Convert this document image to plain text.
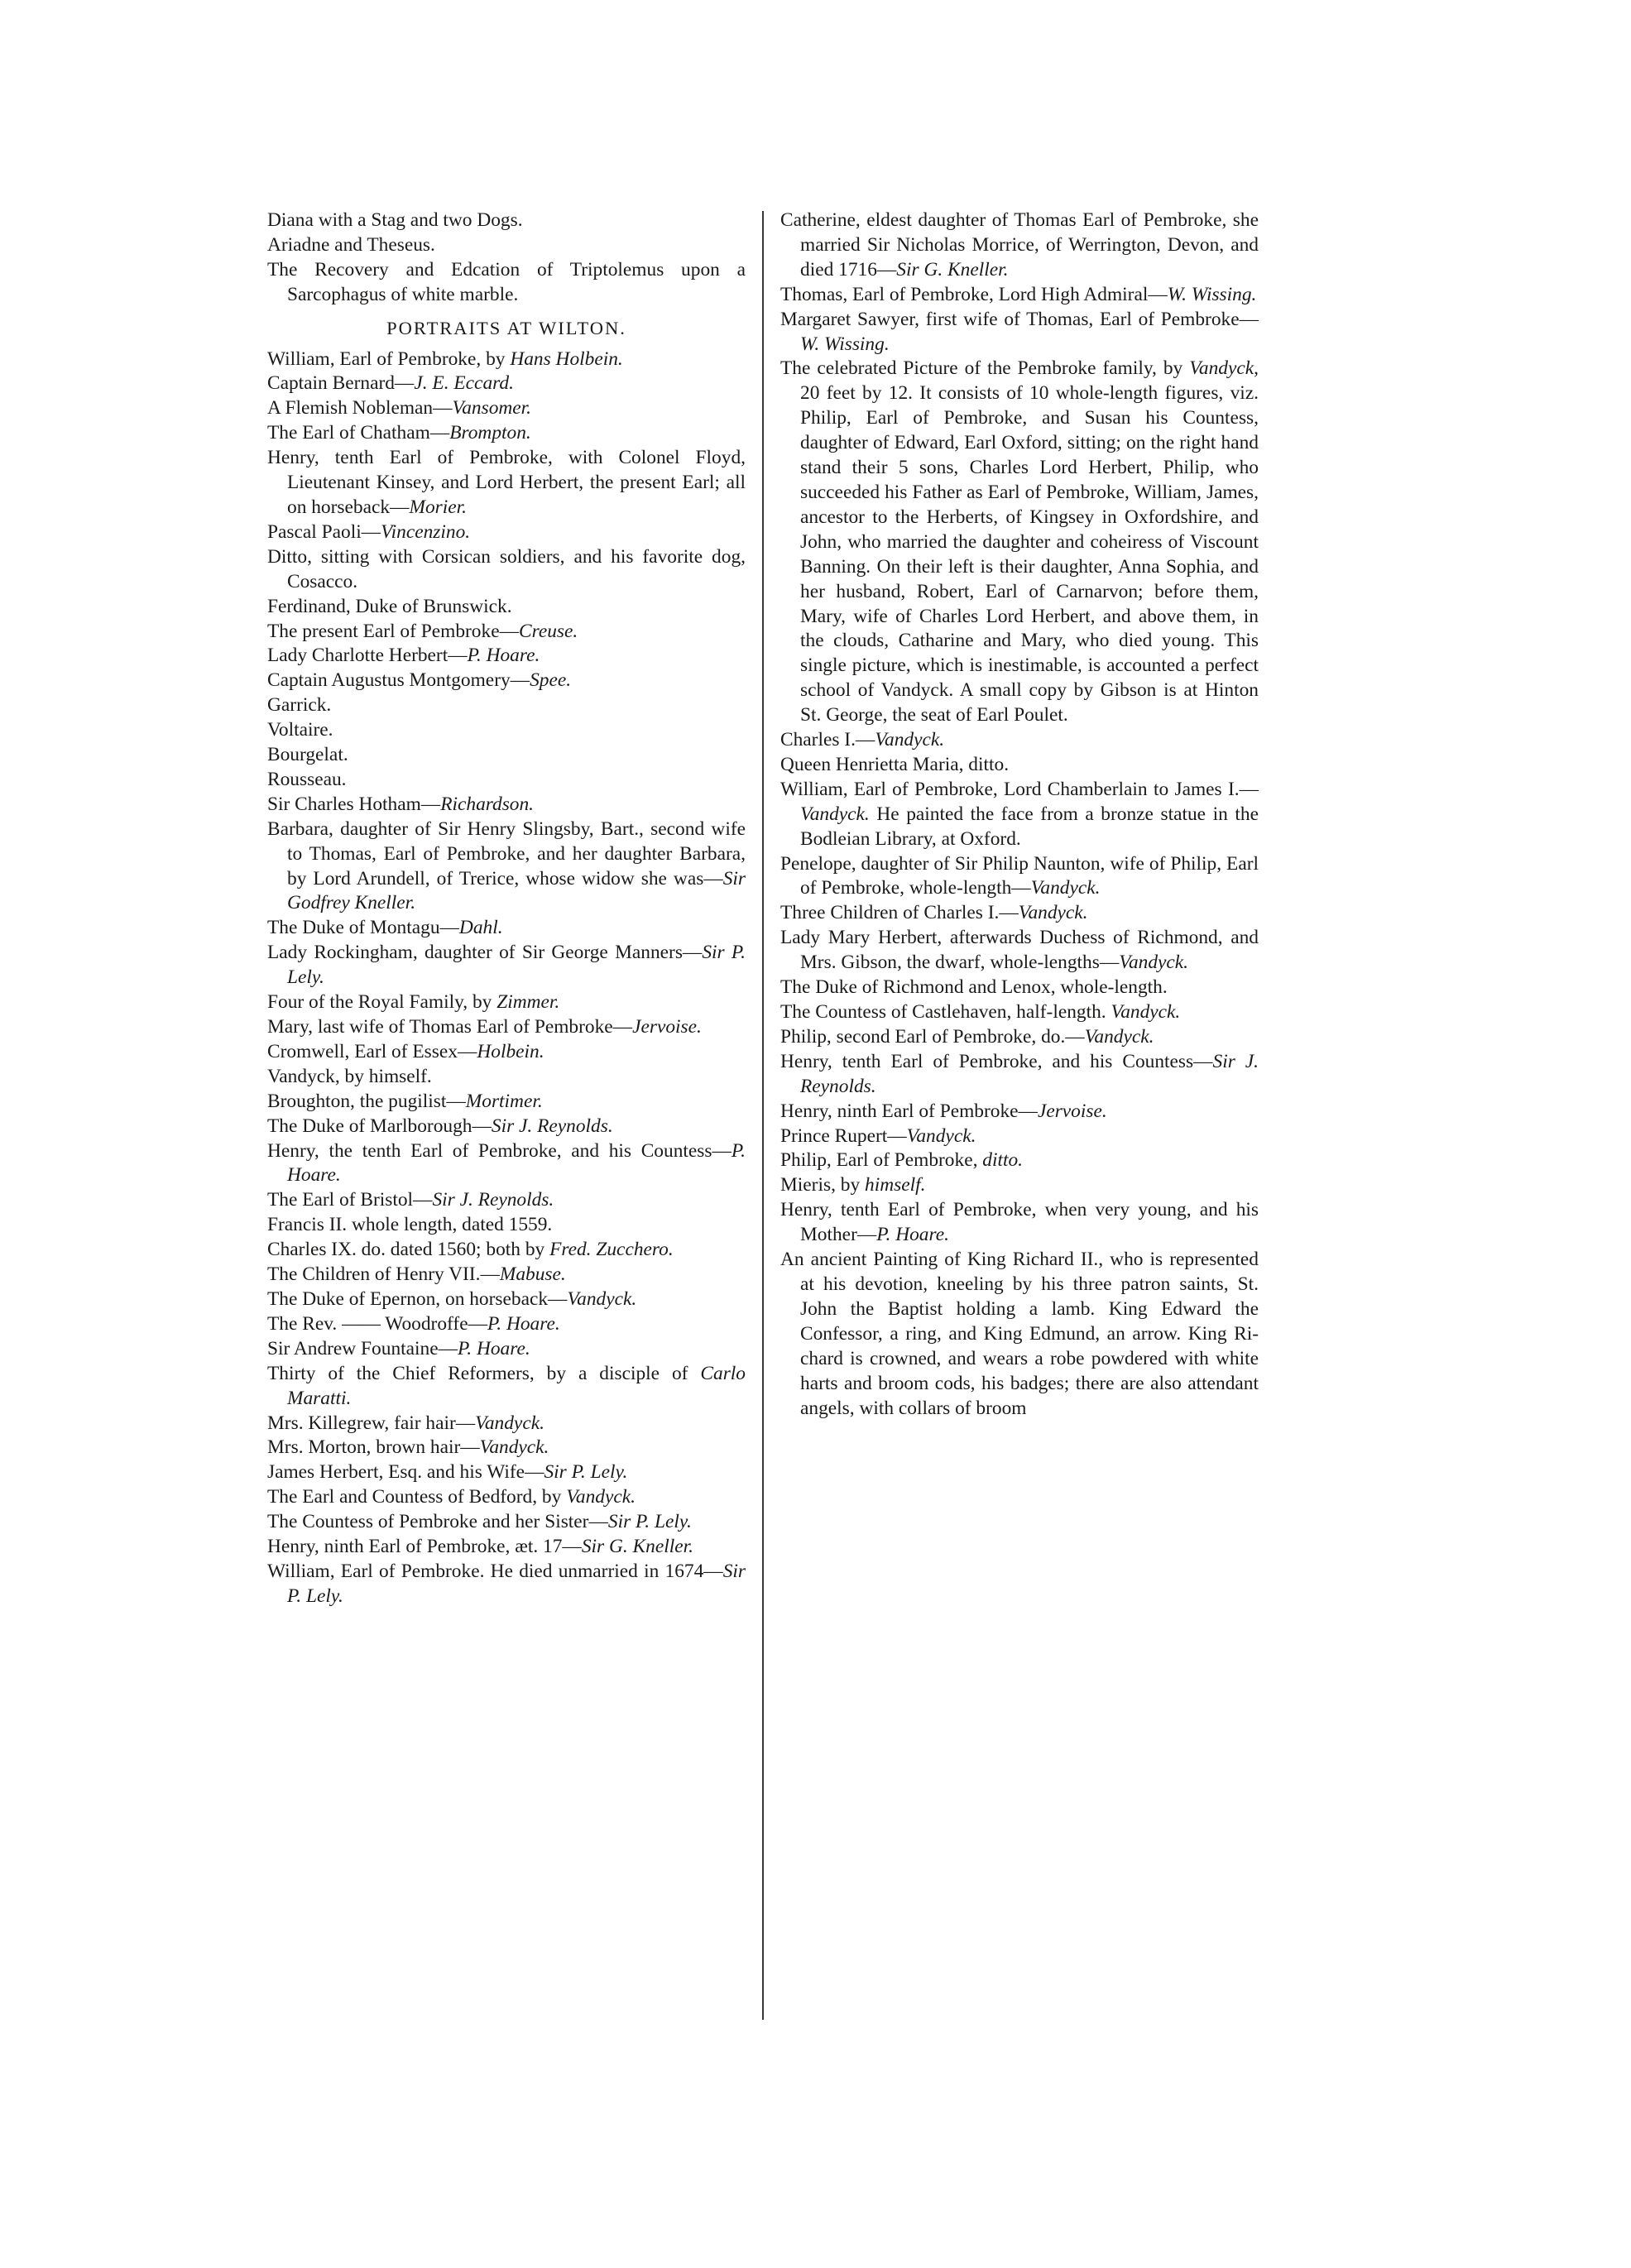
Diana with a Stag and two Dogs.

Ariadne and Theseus.

The Recovery and Edcation of Triptolemus upon a Sarcophagus of white marble.

PORTRAITS AT WILTON.

William, Earl of Pembroke, by Hans Holbein.

Captain Bernard—J. E. Eccard.

A Flemish Nobleman—Vansomer.

The Earl of Chatham—Brompton.

Henry, tenth Earl of Pembroke, with Colonel Floyd, Lieutenant Kinsey, and Lord Herbert, the present Earl; all on horseback—Morier.

Pascal Paoli—Vincenzino.

Ditto, sitting with Corsican soldiers, and his favorite dog, Cosacco.

Ferdinand, Duke of Brunswick.

The present Earl of Pembroke—Creuse.

Lady Charlotte Herbert—P. Hoare.

Captain Augustus Montgomery—Spee.

Garrick.

Voltaire.

Bourgelat.

Rousseau.

Sir Charles Hotham—Richardson.

Barbara, daughter of Sir Henry Slingsby, Bart., second wife to Thomas, Earl of Pembroke, and her daughter Barbara, by Lord Arundell, of Trerice, whose widow she was—Sir Godfrey Kneller.

The Duke of Montagu—Dahl.

Lady Rockingham, daughter of Sir George Manners—Sir P. Lely.

Four of the Royal Family, by Zimmer.

Mary, last wife of Thomas Earl of Pembroke—Jervoise.

Cromwell, Earl of Essex—Holbein.

Vandyck, by himself.

Broughton, the pugilist—Mortimer.

The Duke of Marlborough—Sir J. Reynolds.

Henry, the tenth Earl of Pembroke, and his Countess—P. Hoare.

The Earl of Bristol—Sir J. Reynolds.

Francis II. whole length, dated 1559.

Charles IX. do. dated 1560; both by Fred. Zucchero.

The Children of Henry VII.—Mabuse.

The Duke of Epernon, on horseback—Vandyck.

The Rev. —— Woodroffe—P. Hoare.

Sir Andrew Fountaine—P. Hoare.

Thirty of the Chief Reformers, by a disciple of Carlo Maratti.

Mrs. Killegrew, fair hair—Vandyck.

Mrs. Morton, brown hair—Vandyck.

James Herbert, Esq. and his Wife—Sir P. Lely.

The Earl and Countess of Bedford, by Vandyck.

The Countess of Pembroke and her Sister—Sir P. Lely.

Henry, ninth Earl of Pembroke, æt. 17—Sir G. Kneller.

William, Earl of Pembroke. He died unmarried in 1674—Sir P. Lely.

Catherine, eldest daughter of Thomas Earl of Pembroke, she married Sir Nicholas Morrice, of Werrington, Devon, and died 1716—Sir G. Kneller.

Thomas, Earl of Pembroke, Lord High Admiral—W. Wissing.

Margaret Sawyer, first wife of Thomas, Earl of Pembroke—W. Wissing.

The celebrated Picture of the Pembroke family, by Vandyck, 20 feet by 12. It consists of 10 whole-length figures, viz. Philip, Earl of Pembroke, and Susan his Countess, daughter of Edward, Earl Oxford, sitting; on the right hand stand their 5 sons, Charles Lord Herbert, Philip, who succeeded his Father as Earl of Pembroke, William, James, ancestor to the Herberts, of Kingsey in Oxfordshire, and John, who married the daughter and coheiress of Viscount Banning. On their left is their daughter, Anna Sophia, and her husband, Robert, Earl of Carnarvon; before them, Mary, wife of Charles Lord Herbert, and above them, in the clouds, Catharine and Mary, who died young. This single picture, which is inestimable, is accounted a perfect school of Vandyck. A small copy by Gibson is at Hinton St. George, the seat of Earl Poulet.

Charles I.—Vandyck.

Queen Henrietta Maria, ditto.

William, Earl of Pembroke, Lord Chamberlain to James I.—Vandyck. He painted the face from a bronze statue in the Bodleian Library, at Oxford.

Penelope, daughter of Sir Philip Naunton, wife of Philip, Earl of Pembroke, whole-length—Vandyck.

Three Children of Charles I.—Vandyck.

Lady Mary Herbert, afterwards Duchess of Richmond, and Mrs. Gibson, the dwarf, whole-lengths—Vandyck.

The Duke of Richmond and Lenox, whole-length.

The Countess of Castlehaven, half-length. Vandyck.

Philip, second Earl of Pembroke, do.—Vandyck.

Henry, tenth Earl of Pembroke, and his Countess—Sir J. Reynolds.

Henry, ninth Earl of Pembroke—Jervoise.

Prince Rupert—Vandyck.

Philip, Earl of Pembroke, ditto.

Mieris, by himself.

Henry, tenth Earl of Pembroke, when very young, and his Mother—P. Hoare.

An ancient Painting of King Richard II., who is represented at his devotion, kneeling by his three patron saints, St. John the Baptist holding a lamb. King Edward the Confessor, a ring, and King Edmund, an arrow. King Richard is crowned, and wears a robe powdered with white harts and broom cods, his badges; there are also attendant angels, with collars of broom
